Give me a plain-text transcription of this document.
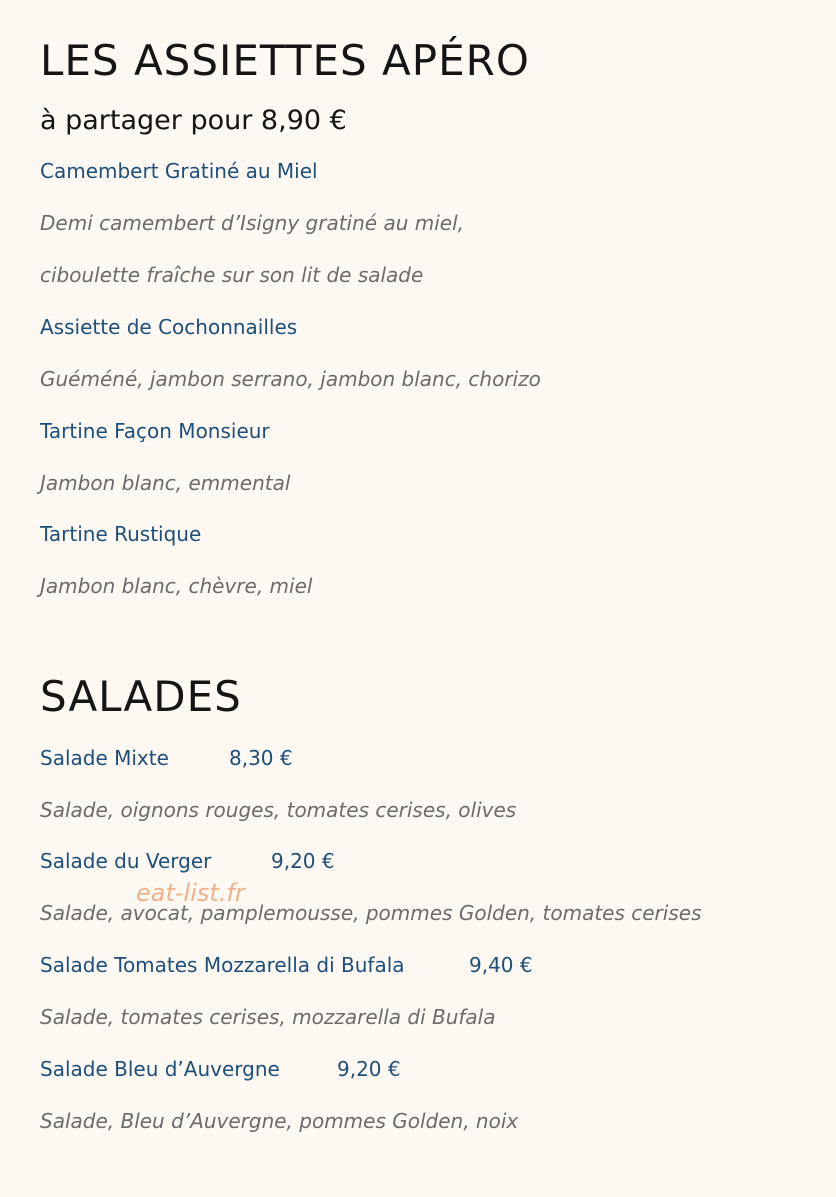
LES ASSIETTES APÉRO
à partager pour 8,90 €
Camembert Gratiné au Miel
Demi camembert d’Isigny gratiné au miel,
ciboulette fraîche sur son lit de salade
Assiette de Cochonnailles
Guéméné, jambon serrano, jambon blanc, chorizo
Tartine Façon Monsieur
Jambon blanc, emmental
Tartine Rustique
Jambon blanc, chèvre, miel
SALADES
Salade Mixte	8,30 €
Salade, oignons rouges, tomates cerises, olives
Salade du Verger	9,20 €
Salade, avocat, pamplemousse, pommes Golden, tomates cerises
Salade Tomates Mozzarella di Bufala	9,40 €
Salade, tomates cerises, mozzarella di Bufala
Salade Bleu d’Auvergne	9,20 €
Salade, Bleu d’Auvergne, pommes Golden, noix
eat-list.fr
